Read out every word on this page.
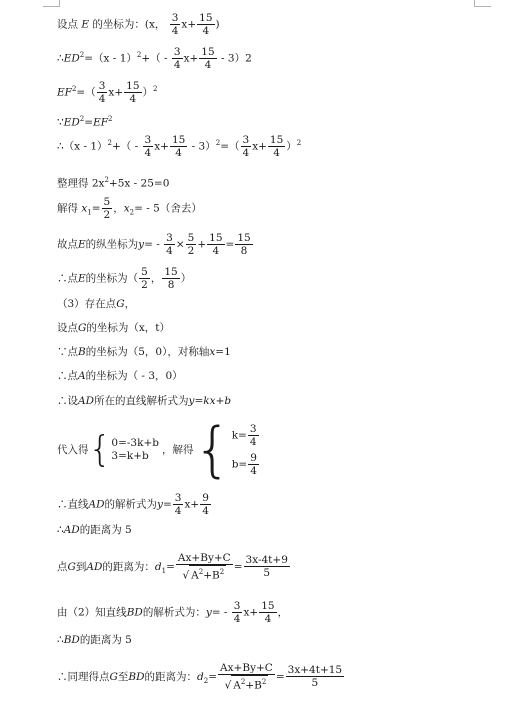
设点 E 的坐标为：(x， $\frac{3}{4} x+ \frac{15}{4}$ )
$\therefore ED^2=(x - 1)^2+( - \frac{3}{4} x+ \frac{15}{4} - 3)2$
$EF^2=( \frac{3}{4} x+ \frac{15}{4} )^2$
$\because ED^2=EF^2$
∴（x - $1)^2+( - \frac{3}{4} x+ \frac{15}{4} - 3)^2=( \frac{3}{4} x+ \frac{15}{4} )^2$
整理得 $2x^2+5x - 25=0$
解得 $x_1= \frac{5}{2}$ ，$x_2= - 5$（舍去）
故点E的纵坐标为$y= - \frac{3}{4} \times \frac{5}{2} + \frac{15}{4} = \frac{15}{8}$
∴点E的坐标为（ $\frac{5}{2}$ ， $\frac{15}{8}$ ）
（3）存在点G，
设点G的坐标为（x，t）
∵点B的坐标为（5，0），对称轴x=1
∴点A的坐标为（ - 3，0）
∴设AD所在的直线解析式为y=kx+b
代入得 { 0=-3k+b
3=k+b
，解得 { $k= \frac{3}{4}$
$b= \frac{9}{4}$
∴直线AD的解析式为$y= \frac{3}{4} x+ \frac{9}{4}$
∴AD的距离为 5
点G到AD的距离为：$d_1= \frac{Ax+By+C}{√ A^2+B^2} = \frac{3x-4t+9}{5}$
由（2）知直线BD的解析式为：$y= - \frac{3}{4} x+ \frac{15}{4}$ ，
∴BD的距离为 5
∴同理得点G至BD的距离为：$d_2= \frac{Ax+By+C}{√ A^2+B^2} = \frac{3x+4t+15}{5}$
